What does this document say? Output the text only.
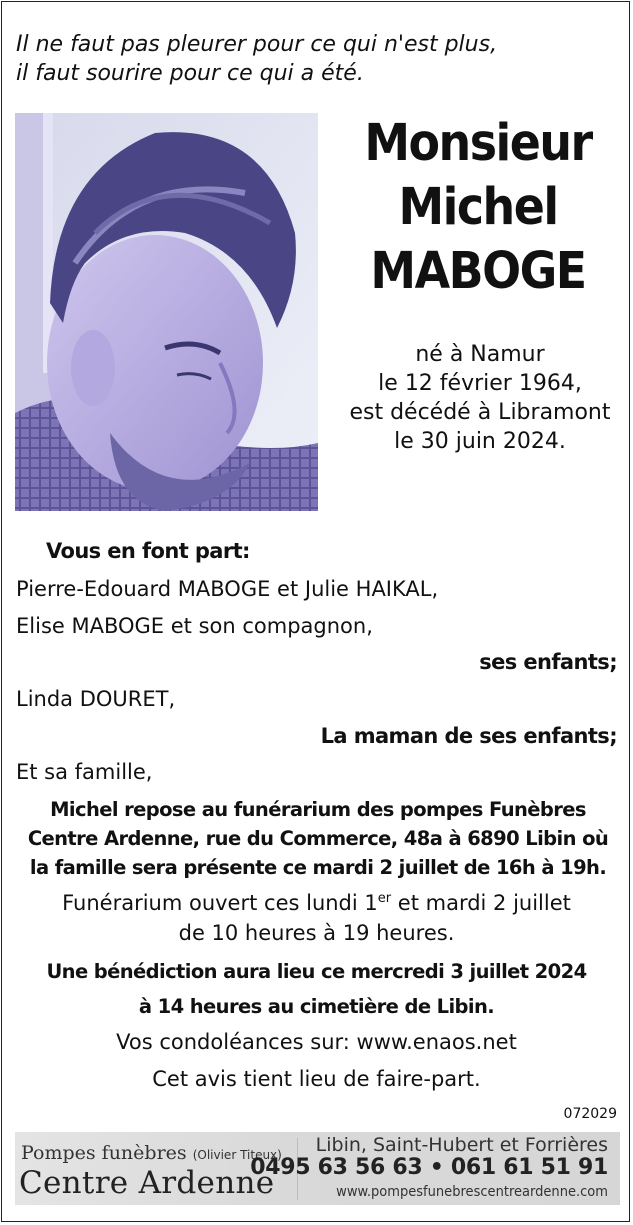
Il ne faut pas pleurer pour ce qui n'est plus,
il faut sourire pour ce qui a été.
Monsieur
Michel
MABOGE
né à Namur
le 12 février 1964,
est décédé à Libramont
le 30 juin 2024.
Vous en font part:
Pierre-Edouard MABOGE et Julie HAIKAL,
Elise MABOGE et son compagnon,
ses enfants;
Linda DOURET,
La maman de ses enfants;
Et sa famille,
Michel repose au funérarium des pompes Funèbres
Centre Ardenne, rue du Commerce, 48a à 6890 Libin où
la famille sera présente ce mardi 2 juillet de 16h à 19h.
Funérarium ouvert ces lundi 1er et mardi 2 juillet
de 10 heures à 19 heures.
Une bénédiction aura lieu ce mercredi 3 juillet 2024
à 14 heures au cimetière de Libin.
Vos condoléances sur: www.enaos.net
Cet avis tient lieu de faire-part.
072029
Pompes funèbres (Olivier Titeux)
Centre Ardenne
Libin, Saint-Hubert et Forrières
0495 63 56 63 • 061 61 51 91
www.pompesfunebrescentreardenne.com
